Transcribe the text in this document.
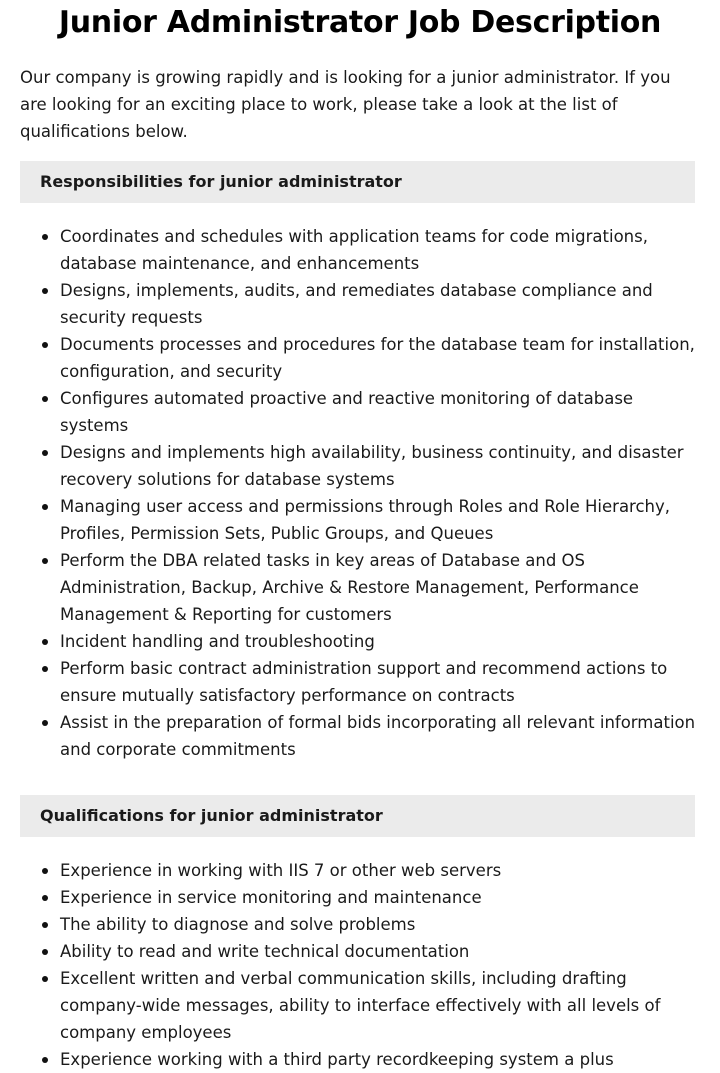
Junior Administrator Job Description

Our company is growing rapidly and is looking for a junior administrator. If you are looking for an exciting place to work, please take a look at the list of qualifications below.

Responsibilities for junior administrator
Coordinates and schedules with application teams for code migrations, database maintenance, and enhancements
Designs, implements, audits, and remediates database compliance and security requests
Documents processes and procedures for the database team for installation, configuration, and security
Configures automated proactive and reactive monitoring of database systems
Designs and implements high availability, business continuity, and disaster recovery solutions for database systems
Managing user access and permissions through Roles and Role Hierarchy, Profiles, Permission Sets, Public Groups, and Queues
Perform the DBA related tasks in key areas of Database and OS Administration, Backup, Archive & Restore Management, Performance Management & Reporting for customers
Incident handling and troubleshooting
Perform basic contract administration support and recommend actions to ensure mutually satisfactory performance on contracts
Assist in the preparation of formal bids incorporating all relevant information and corporate commitments
Qualifications for junior administrator
Experience in working with IIS 7 or other web servers
Experience in service monitoring and maintenance
The ability to diagnose and solve problems
Ability to read and write technical documentation
Excellent written and verbal communication skills, including drafting company-wide messages, ability to interface effectively with all levels of company employees
Experience working with a third party recordkeeping system a plus
